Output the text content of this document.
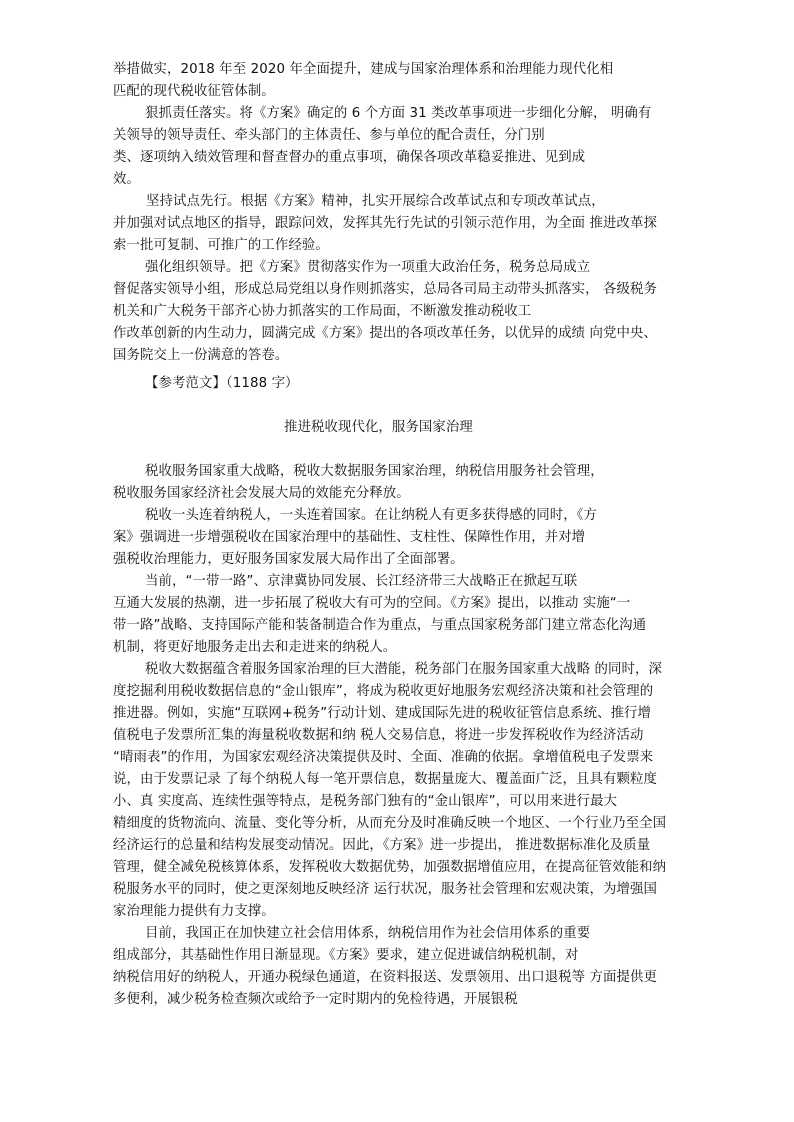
举措做实，2018 年至 2020 年全面提升，建成与国家治理体系和治理能力现代化相
匹配的现代税收征管体制。
狠抓责任落实。将《方案》确定的 6 个方面 31 类改革事项进一步细化分解， 明确有
关领导的领导责任、牵头部门的主体责任、参与单位的配合责任，分门别
类、逐项纳入绩效管理和督查督办的重点事项，确保各项改革稳妥推进、见到成
效。
坚持试点先行。根据《方案》精神，扎实开展综合改革试点和专项改革试点，
并加强对试点地区的指导，跟踪问效，发挥其先行先试的引领示范作用，为全面 推进改革探
索一批可复制、可推广的工作经验。
强化组织领导。把《方案》贯彻落实作为一项重大政治任务，税务总局成立
督促落实领导小组，形成总局党组以身作则抓落实，总局各司局主动带头抓落实， 各级税务
机关和广大税务干部齐心协力抓落实的工作局面，不断激发推动税收工
作改革创新的内生动力，圆满完成《方案》提出的各项改革任务，以优异的成绩 向党中央、
国务院交上一份满意的答卷。
【参考范文】（1188 字）
推进税收现代化，服务国家治理
税收服务国家重大战略，税收大数据服务国家治理，纳税信用服务社会管理，
税收服务国家经济社会发展大局的效能充分释放。
税收一头连着纳税人，一头连着国家。在让纳税人有更多获得感的同时，《方
案》强调进一步增强税收在国家治理中的基础性、支柱性、保障性作用，并对增
强税收治理能力，更好服务国家发展大局作出了全面部署。
当前，“一带一路”、京津冀协同发展、长江经济带三大战略正在掀起互联
互通大发展的热潮，进一步拓展了税收大有可为的空间。《方案》提出，以推动 实施“一
带一路”战略、支持国际产能和装备制造合作为重点，与重点国家税务部门建立常态化沟通
机制，将更好地服务走出去和走进来的纳税人。
税收大数据蕴含着服务国家治理的巨大潜能，税务部门在服务国家重大战略 的同时，深
度挖掘利用税收数据信息的“金山银库”，将成为税收更好地服务宏观经济决策和社会管理的
推进器。例如，实施“互联网+税务”行动计划、建成国际先进的税收征管信息系统、推行增
值税电子发票所汇集的海量税收数据和纳 税人交易信息，将进一步发挥税收作为经济活动
“晴雨表”的作用，为国家宏观经济决策提供及时、全面、准确的依据。拿增值税电子发票来
说，由于发票记录 了每个纳税人每一笔开票信息，数据量庞大、覆盖面广泛，且具有颗粒度
小、真 实度高、连续性强等特点，是税务部门独有的“金山银库”，可以用来进行最大
精细度的货物流向、流量、变化等分析，从而充分及时准确反映一个地区、一个行业乃至全国
经济运行的总量和结构发展变动情况。因此，《方案》进一步提出， 推进数据标准化及质量
管理，健全减免税核算体系，发挥税收大数据优势，加强数据增值应用，在提高征管效能和纳
税服务水平的同时，使之更深刻地反映经济 运行状况，服务社会管理和宏观决策，为增强国
家治理能力提供有力支撑。
目前，我国正在加快建立社会信用体系，纳税信用作为社会信用体系的重要
组成部分，其基础性作用日渐显现。《方案》要求，建立促进诚信纳税机制，对
纳税信用好的纳税人，开通办税绿色通道，在资料报送、发票领用、出口退税等 方面提供更
多便利，减少税务检查频次或给予一定时期内的免检待遇，开展银税
